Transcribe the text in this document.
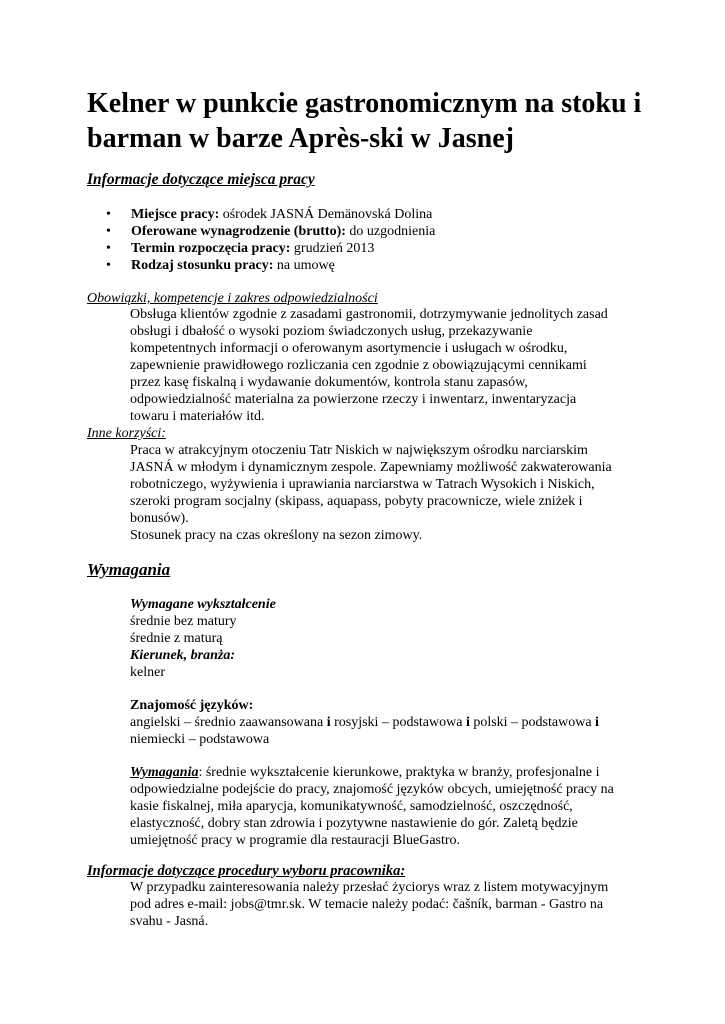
Kelner w punkcie gastronomicznym na stoku i barman w barze Après-ski w Jasnej
Informacje dotyczące miejsca pracy
• Miejsce pracy: ośrodek JASNÁ Demänovská Dolina
• Oferowane wynagrodzenie (brutto): do uzgodnienia
• Termin rozpoczęcia pracy: grudzień 2013
• Rodzaj stosunku pracy: na umowę
Obowiązki, kompetencje i zakres odpowiedzialności
Obsługa klientów zgodnie z zasadami gastronomii, dotrzymywanie jednolitych zasad
obsługi i dbałość o wysoki poziom świadczonych usług, przekazywanie
kompetentnych informacji o oferowanym asortymencie i usługach w ośrodku,
zapewnienie prawidłowego rozliczania cen zgodnie z obowiązującymi cennikami
przez kasę fiskalną i wydawanie dokumentów, kontrola stanu zapasów,
odpowiedzialność materialna za powierzone rzeczy i inwentarz, inwentaryzacja
towaru i materiałów itd.
Inne korzyści:
Praca w atrakcyjnym otoczeniu Tatr Niskich w największym ośrodku narciarskim
JASNÁ w młodym i dynamicznym zespole. Zapewniamy możliwość zakwaterowania
robotniczego, wyżywienia i uprawiania narciarstwa w Tatrach Wysokich i Niskich,
szeroki program socjalny (skipass, aquapass, pobyty pracownicze, wiele zniżek i
bonusów).
Stosunek pracy na czas określony na sezon zimowy.
Wymagania
Wymagane wykształcenie
średnie bez matury
średnie z maturą
Kierunek, branża:
kelner
Znajomość języków:
angielski – średnio zaawansowana i rosyjski – podstawowa i polski – podstawowa i
niemiecki – podstawowa
Wymagania: średnie wykształcenie kierunkowe, praktyka w branży, profesjonalne i
odpowiedzialne podejście do pracy, znajomość języków obcych, umiejętność pracy na
kasie fiskalnej, miła aparycja, komunikatywność, samodzielność, oszczędność,
elastyczność, dobry stan zdrowia i pozytywne nastawienie do gór. Zaletą będzie
umiejętność pracy w programie dla restauracji BlueGastro.
Informacje dotyczące procedury wyboru pracownika:
W przypadku zainteresowania należy przesłać życiorys wraz z listem motywacyjnym
pod adres e-mail: jobs@tmr.sk. W temacie należy podać: čašník, barman - Gastro na
svahu - Jasná.
